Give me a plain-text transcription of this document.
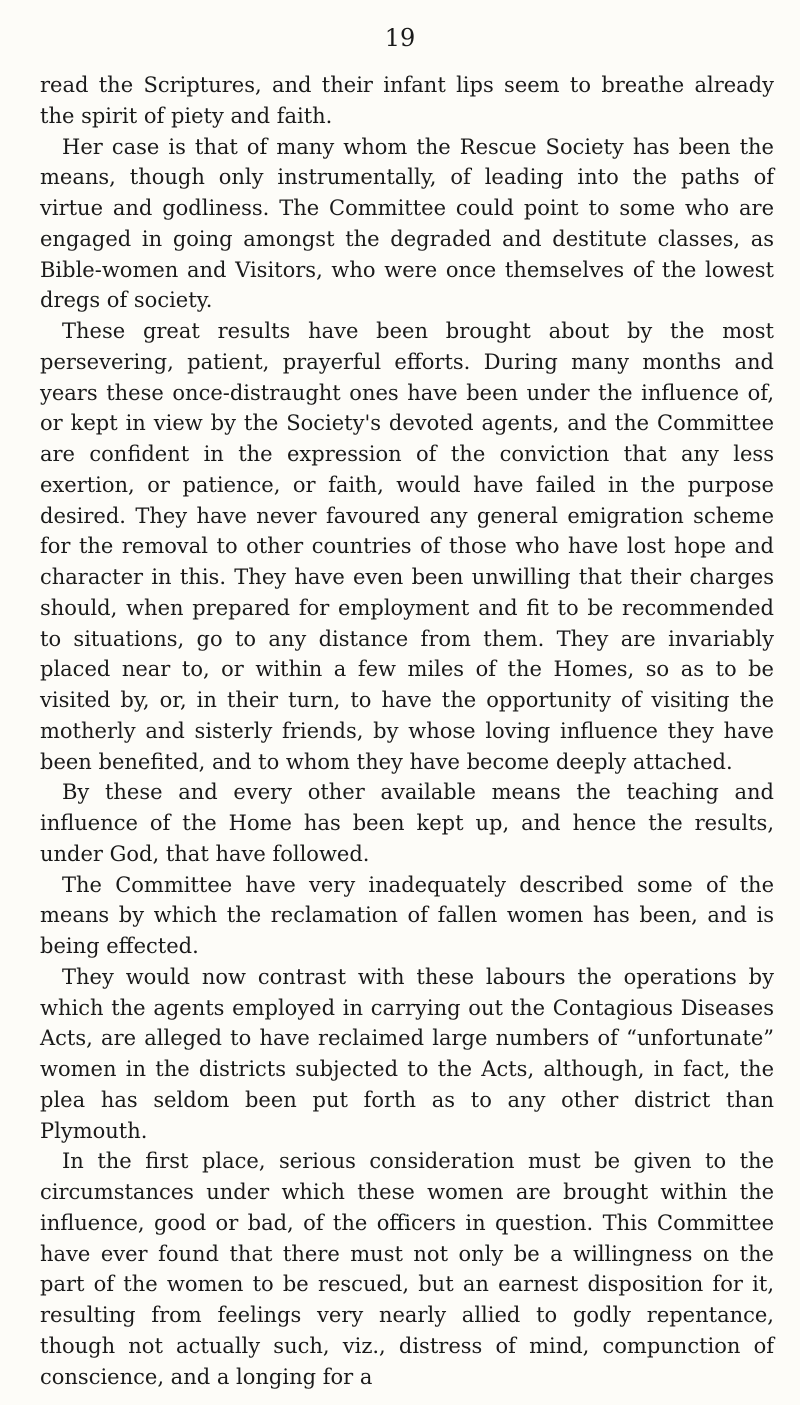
19

read the Scriptures, and their infant lips seem to breathe already the spirit of piety and faith.

Her case is that of many whom the Rescue Society has been the means, though only instrumentally, of leading into the paths of virtue and godliness. The Committee could point to some who are engaged in going amongst the degraded and destitute classes, as Bible-women and Visitors, who were once themselves of the lowest dregs of society.

These great results have been brought about by the most persevering, patient, prayerful efforts. During many months and years these once-distraught ones have been under the influence of, or kept in view by the Society's devoted agents, and the Committee are confident in the expression of the conviction that any less exertion, or patience, or faith, would have failed in the purpose desired. They have never favoured any general emigration scheme for the removal to other countries of those who have lost hope and character in this. They have even been unwilling that their charges should, when prepared for employment and fit to be recommended to situations, go to any distance from them. They are invariably placed near to, or within a few miles of the Homes, so as to be visited by, or, in their turn, to have the opportunity of visiting the motherly and sisterly friends, by whose loving influence they have been benefited, and to whom they have become deeply attached.

By these and every other available means the teaching and influence of the Home has been kept up, and hence the results, under God, that have followed.

The Committee have very inadequately described some of the means by which the reclamation of fallen women has been, and is being effected.

They would now contrast with these labours the operations by which the agents employed in carrying out the Contagious Diseases Acts, are alleged to have reclaimed large numbers of “unfortunate” women in the districts subjected to the Acts, although, in fact, the plea has seldom been put forth as to any other district than Plymouth.

In the first place, serious consideration must be given to the circumstances under which these women are brought within the influence, good or bad, of the officers in question. This Committee have ever found that there must not only be a willingness on the part of the women to be rescued, but an earnest disposition for it, resulting from feelings very nearly allied to godly repentance, though not actually such, viz., distress of mind, compunction of conscience, and a longing for a
